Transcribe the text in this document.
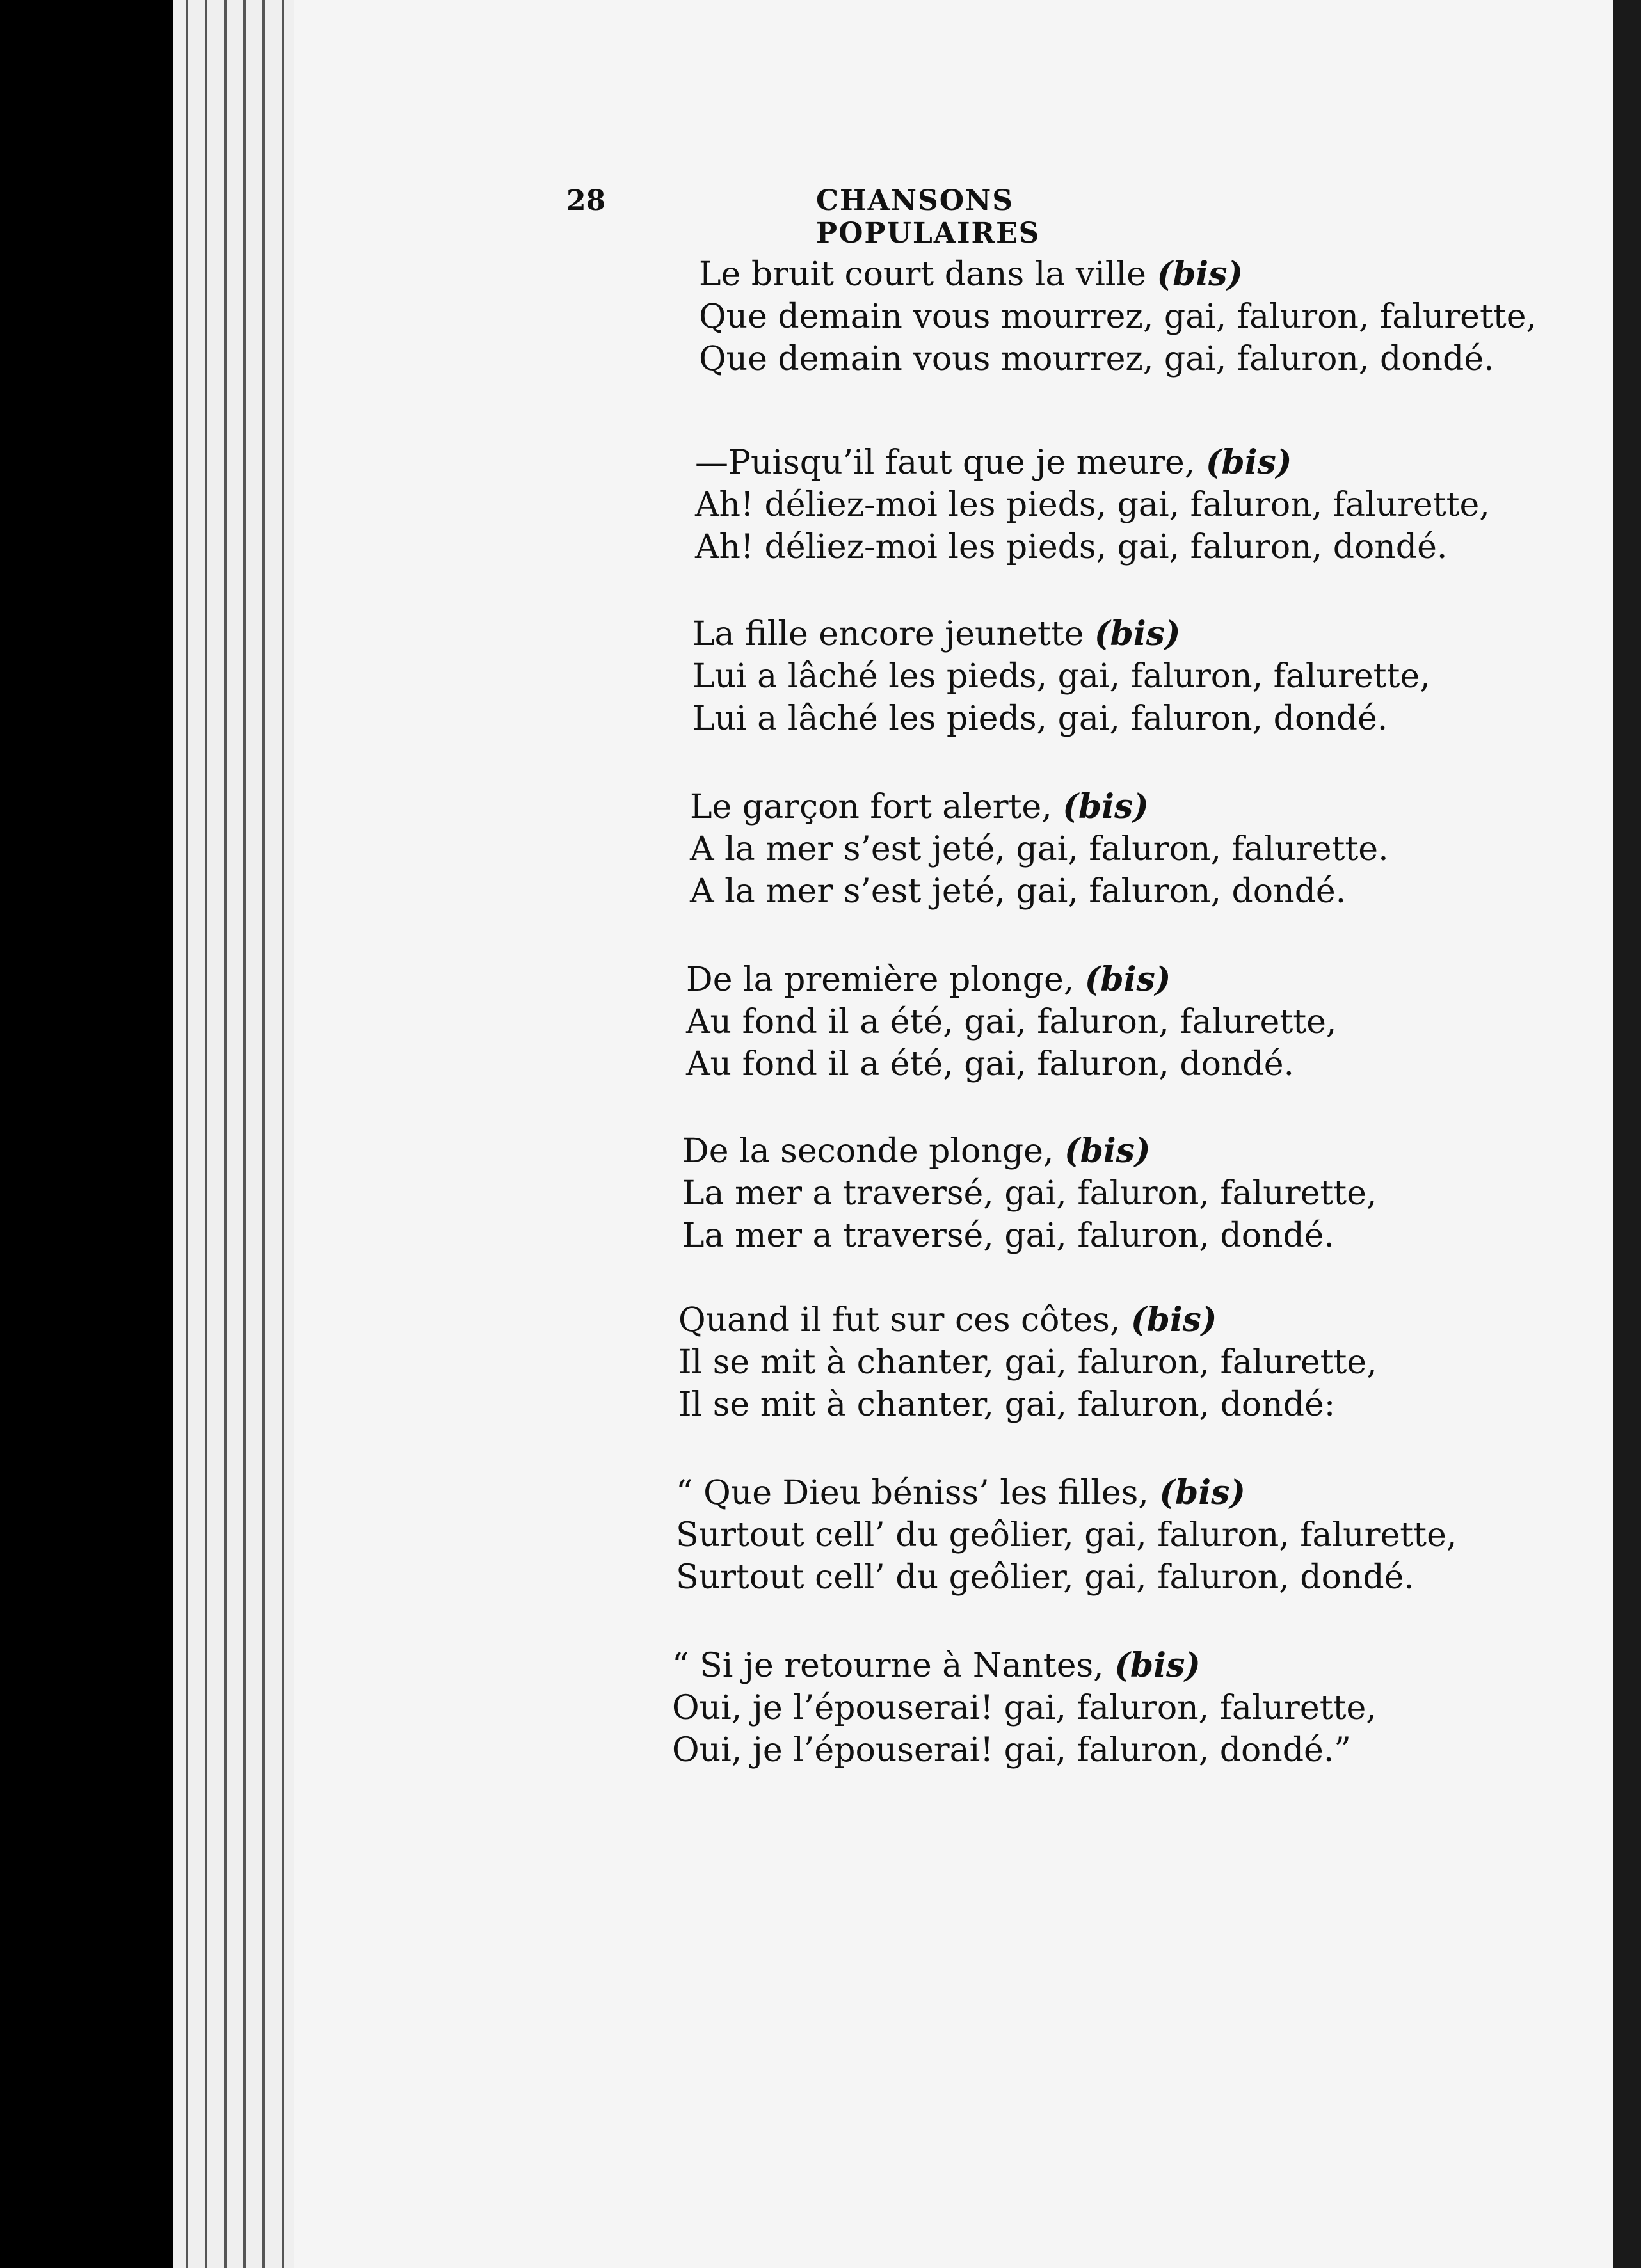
28	CHANSONS POPULAIRES
Le bruit court dans la ville (bis)
Que demain vous mourrez, gai, faluron, falurette,
Que demain vous mourrez, gai, faluron, dondé.
—Puisqu’il faut que je meure, (bis)
Ah! déliez-moi les pieds, gai, faluron, falurette,
Ah! déliez-moi les pieds, gai, faluron, dondé.
La fille encore jeunette (bis)
Lui a lâché les pieds, gai, faluron, falurette,
Lui a lâché les pieds, gai, faluron, dondé.
Le garçon fort alerte, (bis)
A la mer s’est jeté, gai, faluron, falurette.
A la mer s’est jeté, gai, faluron, dondé.
De la première plonge, (bis)
Au fond il a été, gai, faluron, falurette,
Au fond il a été, gai, faluron, dondé.
De la seconde plonge, (bis)
La mer a traversé, gai, faluron, falurette,
La mer a traversé, gai, faluron, dondé.
Quand il fut sur ces côtes, (bis)
Il se mit à chanter, gai, faluron, falurette,
Il se mit à chanter, gai, faluron, dondé:
“ Que Dieu béniss’ les filles, (bis)
Surtout cell’ du geôlier, gai, faluron, falurette,
Surtout cell’ du geôlier, gai, faluron, dondé.
“ Si je retourne à Nantes, (bis)
Oui, je l’épouserai! gai, faluron, falurette,
Oui, je l’épouserai! gai, faluron, dondé.”
